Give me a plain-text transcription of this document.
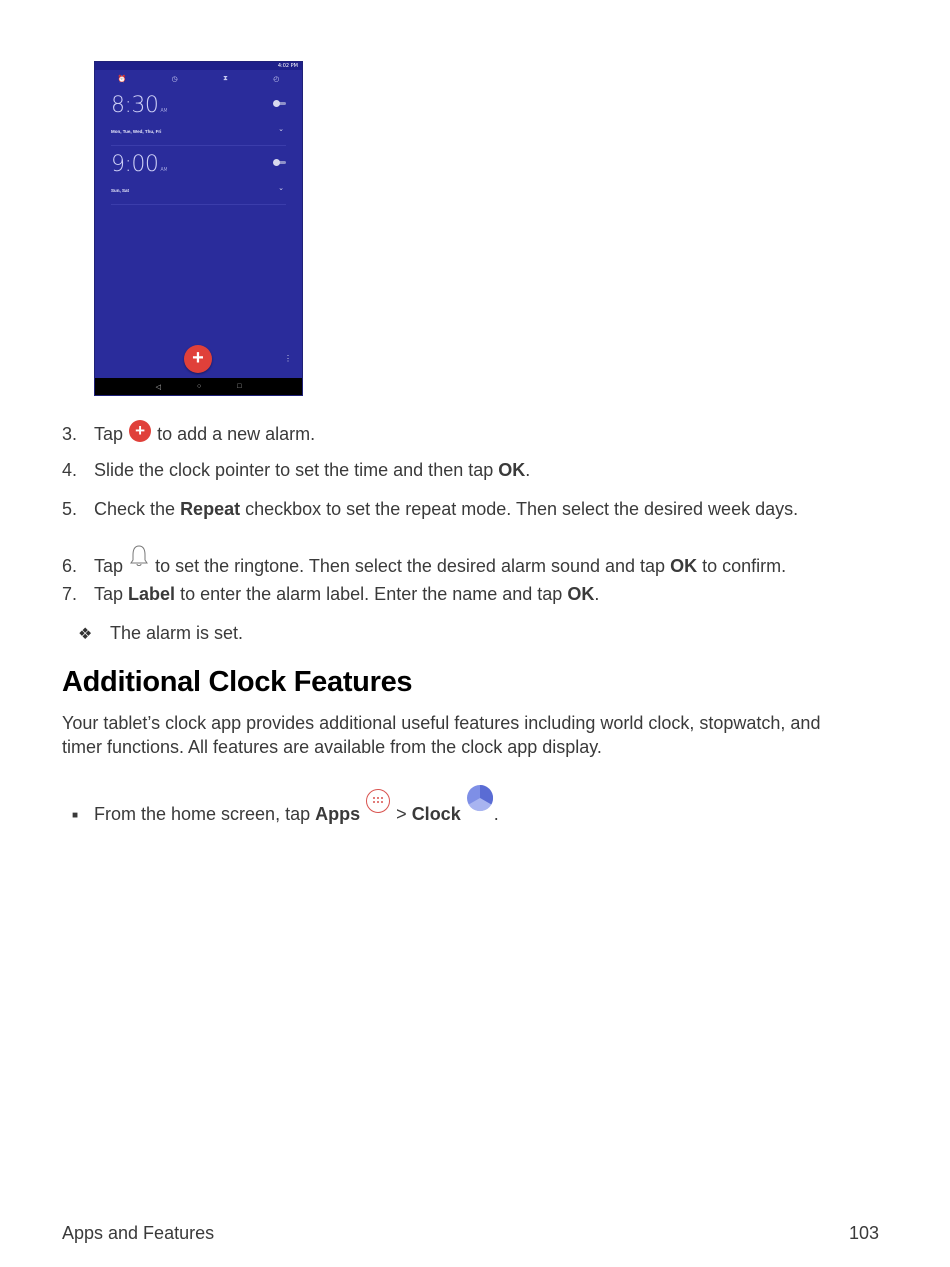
4:02 PM
⏰	◷	⧗	◴
8:30 AM
Mon, Tue, Wed, Thu, Fri	⌄
9:00 AM
Sun, Sat	⌄
+	⋮
◁	○	□
3. Tap + to add a new alarm.
4. Slide the clock pointer to set the time and then tap OK.
5. Check the Repeat checkbox to set the repeat mode. Then select the desired week days.
6. Tap to set the ringtone. Then select the desired alarm sound and tap OK to confirm.
7. Tap Label to enter the alarm label. Enter the name and tap OK.
❖ The alarm is set.
Additional Clock Features
Your tablet’s clock app provides additional useful features including world clock, stopwatch, and timer functions. All features are available from the clock app display.
■ From the home screen, tap Apps > Clock .
Apps and Features	103
